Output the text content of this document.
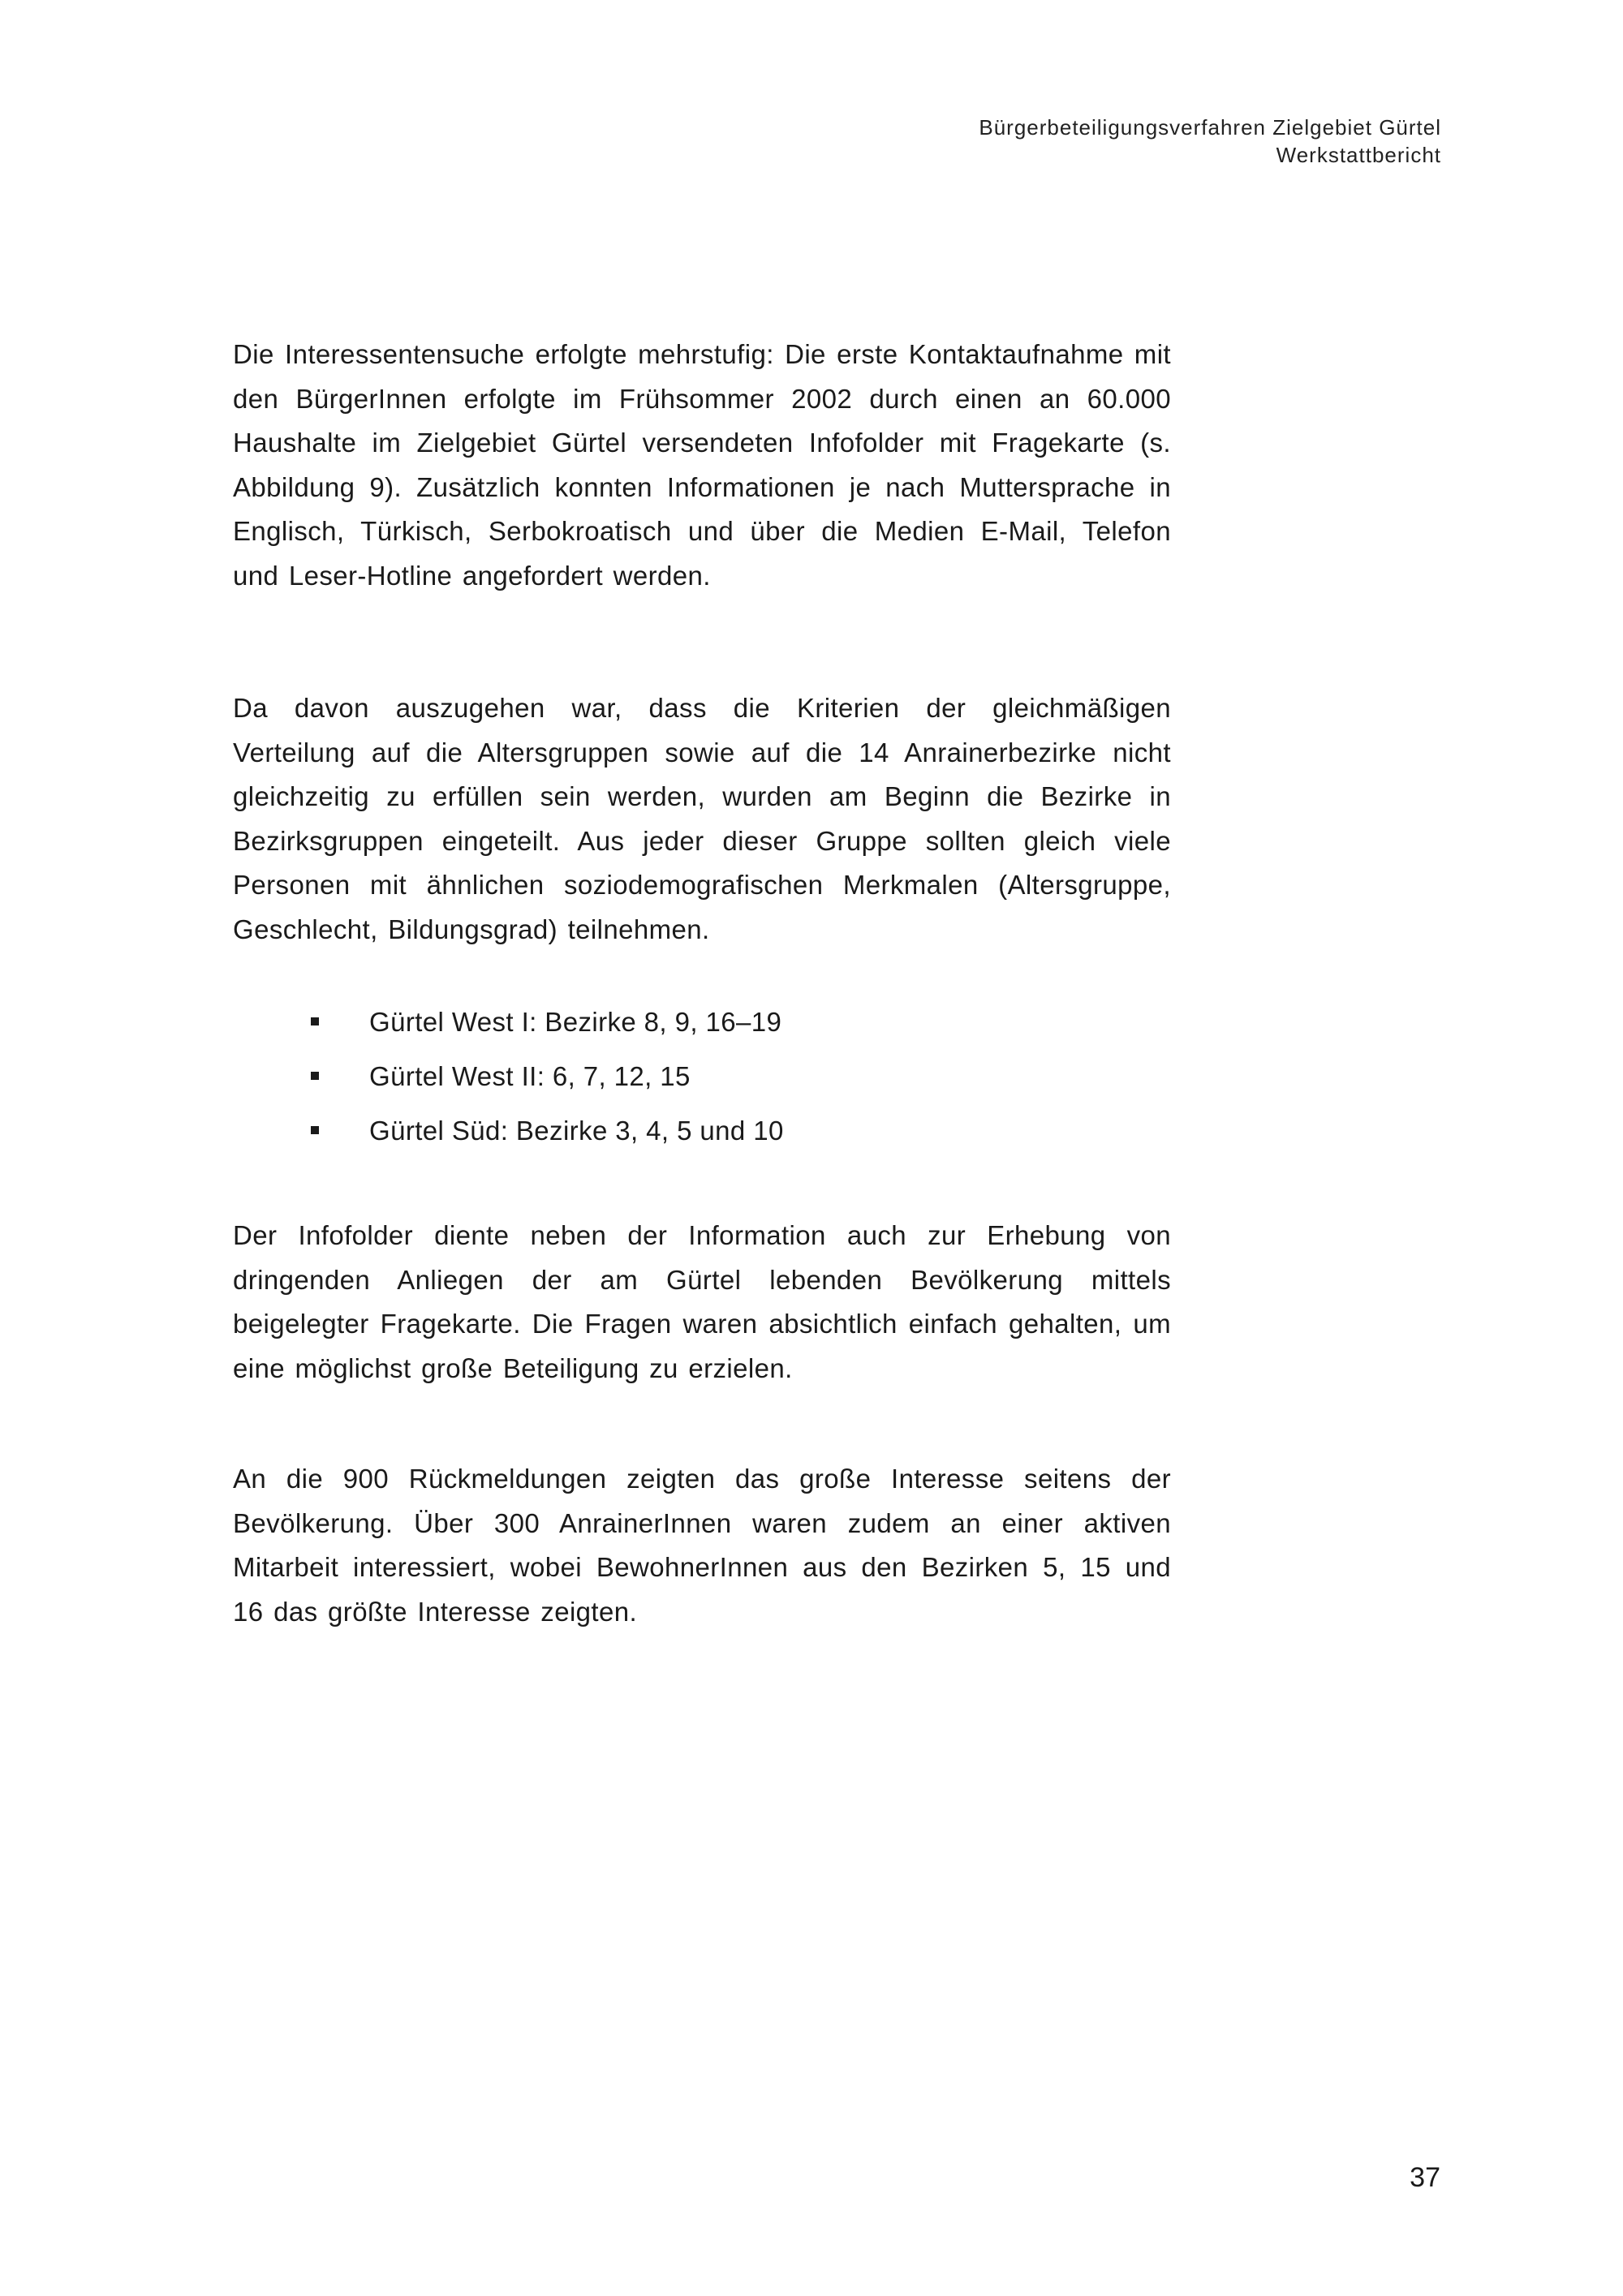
Bürgerbeteiligungsverfahren Zielgebiet Gürtel
Werkstattbericht

Die Interessentensuche erfolgte mehrstufig: Die erste Kontaktaufnahme mit den BürgerInnen erfolgte im Frühsommer 2002 durch einen an 60.000 Haushalte im Zielgebiet Gürtel versendeten Infofolder mit Fragekarte (s. Abbildung 9). Zusätzlich konnten Informationen je nach Muttersprache in Englisch, Türkisch, Serbokroatisch und über die Medien E-Mail, Telefon und Leser-Hotline angefordert werden.

Da davon auszugehen war, dass die Kriterien der gleichmäßigen Verteilung auf die Altersgruppen sowie auf die 14 Anrainerbezirke nicht gleichzeitig zu erfüllen sein werden, wurden am Beginn die Bezirke in Bezirksgruppen eingeteilt. Aus jeder dieser Gruppe sollten gleich viele Personen mit ähnlichen soziodemografischen Merkmalen (Altersgruppe, Geschlecht, Bildungsgrad) teilnehmen.

Gürtel West I: Bezirke 8, 9, 16–19
Gürtel West II: 6, 7, 12, 15
Gürtel Süd: Bezirke 3, 4, 5 und 10

Der Infofolder diente neben der Information auch zur Erhebung von dringenden Anliegen der am Gürtel lebenden Bevölkerung mittels beigelegter Fragekarte. Die Fragen waren absichtlich einfach gehalten, um eine möglichst große Beteiligung zu erzielen.

An die 900 Rückmeldungen zeigten das große Interesse seitens der Bevölkerung. Über 300 AnrainerInnen waren zudem an einer aktiven Mitarbeit interessiert, wobei BewohnerInnen aus den Bezirken 5, 15 und 16 das größte Interesse zeigten.

37
